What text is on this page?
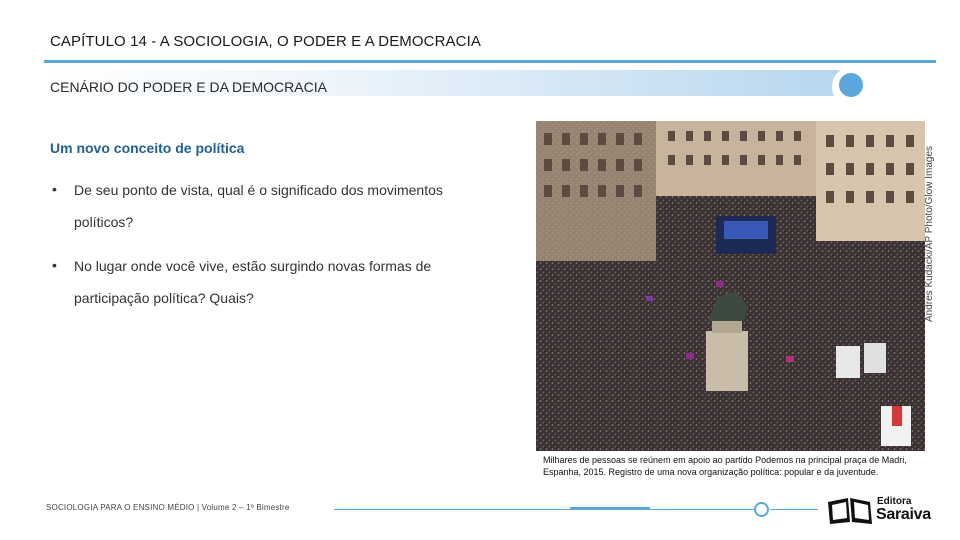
CAPÍTULO 14 - A SOCIOLOGIA, O PODER E A DEMOCRACIA
CENÁRIO DO PODER E DA DEMOCRACIA
Um novo conceito de política
• De seu ponto de vista, qual é o significado dos movimentos políticos?
• No lugar onde você vive, estão surgindo novas formas de participação política? Quais?	Andres Kudacki/AP Photo/Glow Images
Milhares de pessoas se reúnem em apoio ao partido Podemos na principal praça de Madri, Espanha, 2015. Registro de uma nova organização política: popular e da juventude.
SOCIOLOGIA PARA O ENSINO MÉDIO | Volume 2 – 1º Bimestre
Editora
Saraiva
